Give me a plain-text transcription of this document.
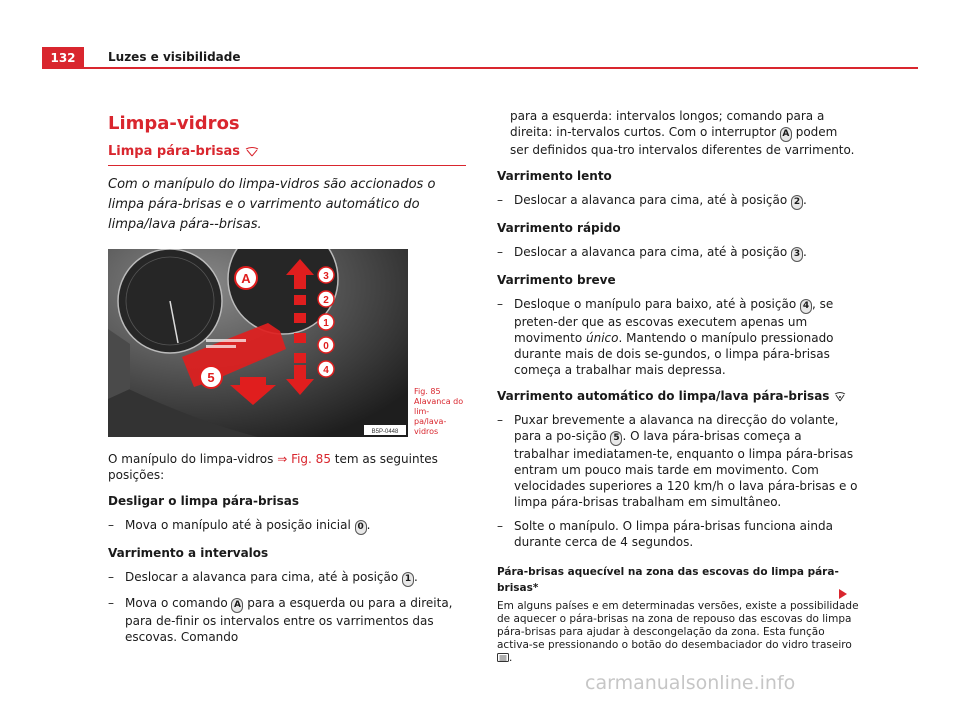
132	Luzes e visibilidade
Limpa-vidros
Limpa pára-brisas

Com o manípulo do limpa-vidros são accionados o limpa pára-brisas e o varrimento automático do limpa/lava pára--brisas.

A
5
3
2
1
0
4
B5P-0448
Fig. 85 Alavanca do lim-
pa/lava-vidros

O manípulo do limpa-vidros ⇒ Fig. 85 tem as seguintes posições:

Desligar o limpa pára-brisas

– Mova o manípulo até à posição inicial 0 .

Varrimento a intervalos

– Deslocar a alavanca para cima, até à posição 1 .
– Mova o comando A para a esquerda ou para a direita, para de-finir os intervalos entre os varrimentos das escovas. Comando

para a esquerda: intervalos longos; comando para a direita: in-tervalos curtos. Com o interruptor A podem ser definidos qua-tro intervalos diferentes de varrimento.

Varrimento lento

– Deslocar a alavanca para cima, até à posição 2 .

Varrimento rápido

– Deslocar a alavanca para cima, até à posição 3 .

Varrimento breve

– Desloque o manípulo para baixo, até à posição 4 , se preten-der que as escovas executem apenas um movimento único. Mantendo o manípulo pressionado durante mais de dois se-gundos, o limpa pára-brisas começa a trabalhar mais depressa.

Varrimento automático do limpa/lava pára-brisas

– Puxar brevemente a alavanca na direcção do volante, para a po-sição 5 . O lava pára-brisas começa a trabalhar imediatamen-te, enquanto o limpa pára-brisas entram um pouco mais tarde em movimento. Com velocidades superiores a 120 km/h o lava pára-brisas e o limpa pára-brisas trabalham em simultâneo.
– Solte o manípulo. O limpa pára-brisas funciona ainda durante cerca de 4 segundos.

Pára-brisas aquecível na zona das escovas do limpa pára-brisas*

Em alguns países e em determinadas versões, existe a possibilidade de aquecer o pára-brisas na zona de repouso das escovas do limpa pára-brisas para ajudar à descongelação da zona. Esta função activa-se pressionando o botão do desembaciador do vidro traseiro .

carmanualsonline.info
